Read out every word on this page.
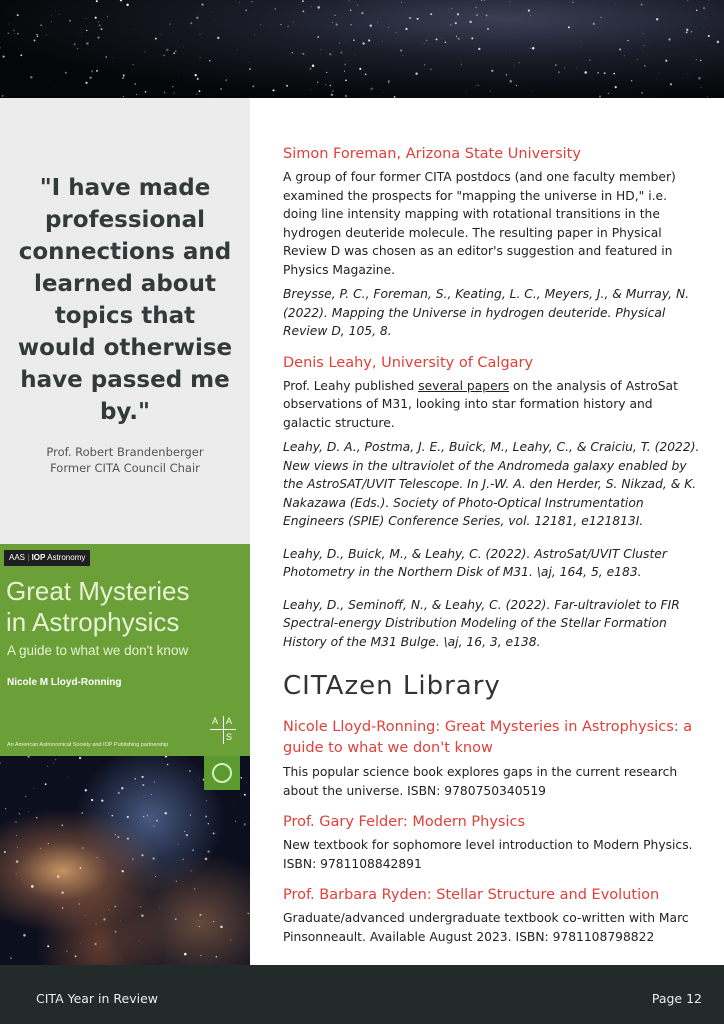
"I have made professional connections and learned about topics that would otherwise have passed me by."
Prof. Robert Brandenberger
Former CITA Council Chair
AAS | IOP Astronomy
Great Mysteries
in Astrophysics
A guide to what we don't know
Nicole M Lloyd-Ronning
An American Astronomical Society and IOP Publishing partnership
A A
S
Simon Foreman, Arizona State University

A group of four former CITA postdocs (and one faculty member) examined the prospects for "mapping the universe in HD," i.e. doing line intensity mapping with rotational transitions in the hydrogen deuteride molecule. The resulting paper in Physical Review D was chosen as an editor's suggestion and featured in Physics Magazine.

Breysse, P. C., Foreman, S., Keating, L. C., Meyers, J., & Murray, N. (2022). Mapping the Universe in hydrogen deuteride. Physical Review D, 105, 8.

Denis Leahy, University of Calgary

Prof. Leahy published several papers on the analysis of AstroSat observations of M31, looking into star formation history and galactic structure.

Leahy, D. A., Postma, J. E., Buick, M., Leahy, C., & Craiciu, T. (2022). New views in the ultraviolet of the Andromeda galaxy enabled by the AstroSAT/UVIT Telescope. In J.-W. A. den Herder, S. Nikzad, & K. Nakazawa (Eds.). Society of Photo-Optical Instrumentation Engineers (SPIE) Conference Series, vol. 12181, e121813I.

Leahy, D., Buick, M., & Leahy, C. (2022). AstroSat/UVIT Cluster Photometry in the Northern Disk of M31. \aj, 164, 5, e183.

Leahy, D., Seminoff, N., & Leahy, C. (2022). Far-ultraviolet to FIR Spectral-energy Distribution Modeling of the Stellar Formation History of the M31 Bulge. \aj, 16, 3, e138.

CITAzen Library
Nicole Lloyd-Ronning: Great Mysteries in Astrophysics: a guide to what we don't know

This popular science book explores gaps in the current research about the universe. ISBN: 9780750340519

Prof. Gary Felder: Modern Physics

New textbook for sophomore level introduction to Modern Physics. ISBN: 9781108842891

Prof. Barbara Ryden: Stellar Structure and Evolution

Graduate/advanced undergraduate textbook co-written with Marc Pinsonneault. Available August 2023. ISBN: 9781108798822

CITA Year in Review	Page 12
